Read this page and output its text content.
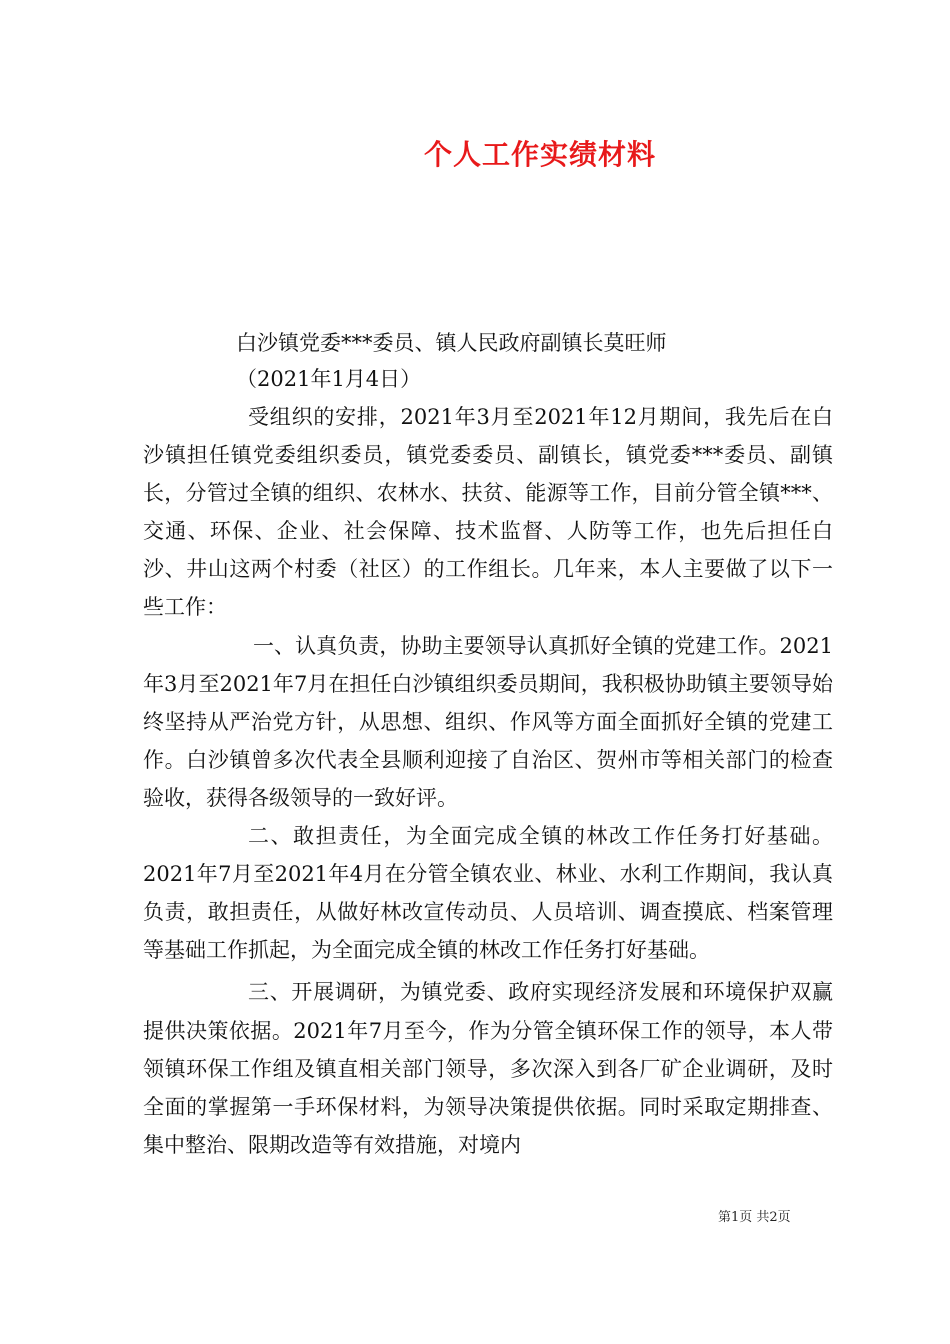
个人工作实绩材料
白沙镇党委***委员、镇人民政府副镇长莫旺师
（2021年1月4日）

受组织的安排，2021年3月至2021年12月期间，我先后在白沙镇担任镇党委组织委员，镇党委委员、副镇长，镇党委***委员、副镇长，分管过全镇的组织、农林水、扶贫、能源等工作，目前分管全镇***、交通、环保、企业、社会保障、技术监督、人防等工作，也先后担任白沙、井山这两个村委（社区）的工作组长。几年来，本人主要做了以下一些工作：

一、认真负责，协助主要领导认真抓好全镇的党建工作。2021年3月至2021年7月在担任白沙镇组织委员期间，我积极协助镇主要领导始终坚持从严治党方针，从思想、组织、作风等方面全面抓好全镇的党建工作。白沙镇曾多次代表全县顺利迎接了自治区、贺州市等相关部门的检查验收，获得各级领导的一致好评。

二、敢担责任，为全面完成全镇的林改工作任务打好基础。2021年7月至2021年4月在分管全镇农业、林业、水利工作期间，我认真负责，敢担责任，从做好林改宣传动员、人员培训、调查摸底、档案管理等基础工作抓起，为全面完成全镇的林改工作任务打好基础。

三、开展调研，为镇党委、政府实现经济发展和环境保护双赢提供决策依据。2021年7月至今，作为分管全镇环保工作的领导，本人带领镇环保工作组及镇直相关部门领导，多次深入到各厂矿企业调研，及时全面的掌握第一手环保材料，为领导决策提供依据。同时采取定期排查、集中整治、限期改造等有效措施，对境内

第1页 共2页
